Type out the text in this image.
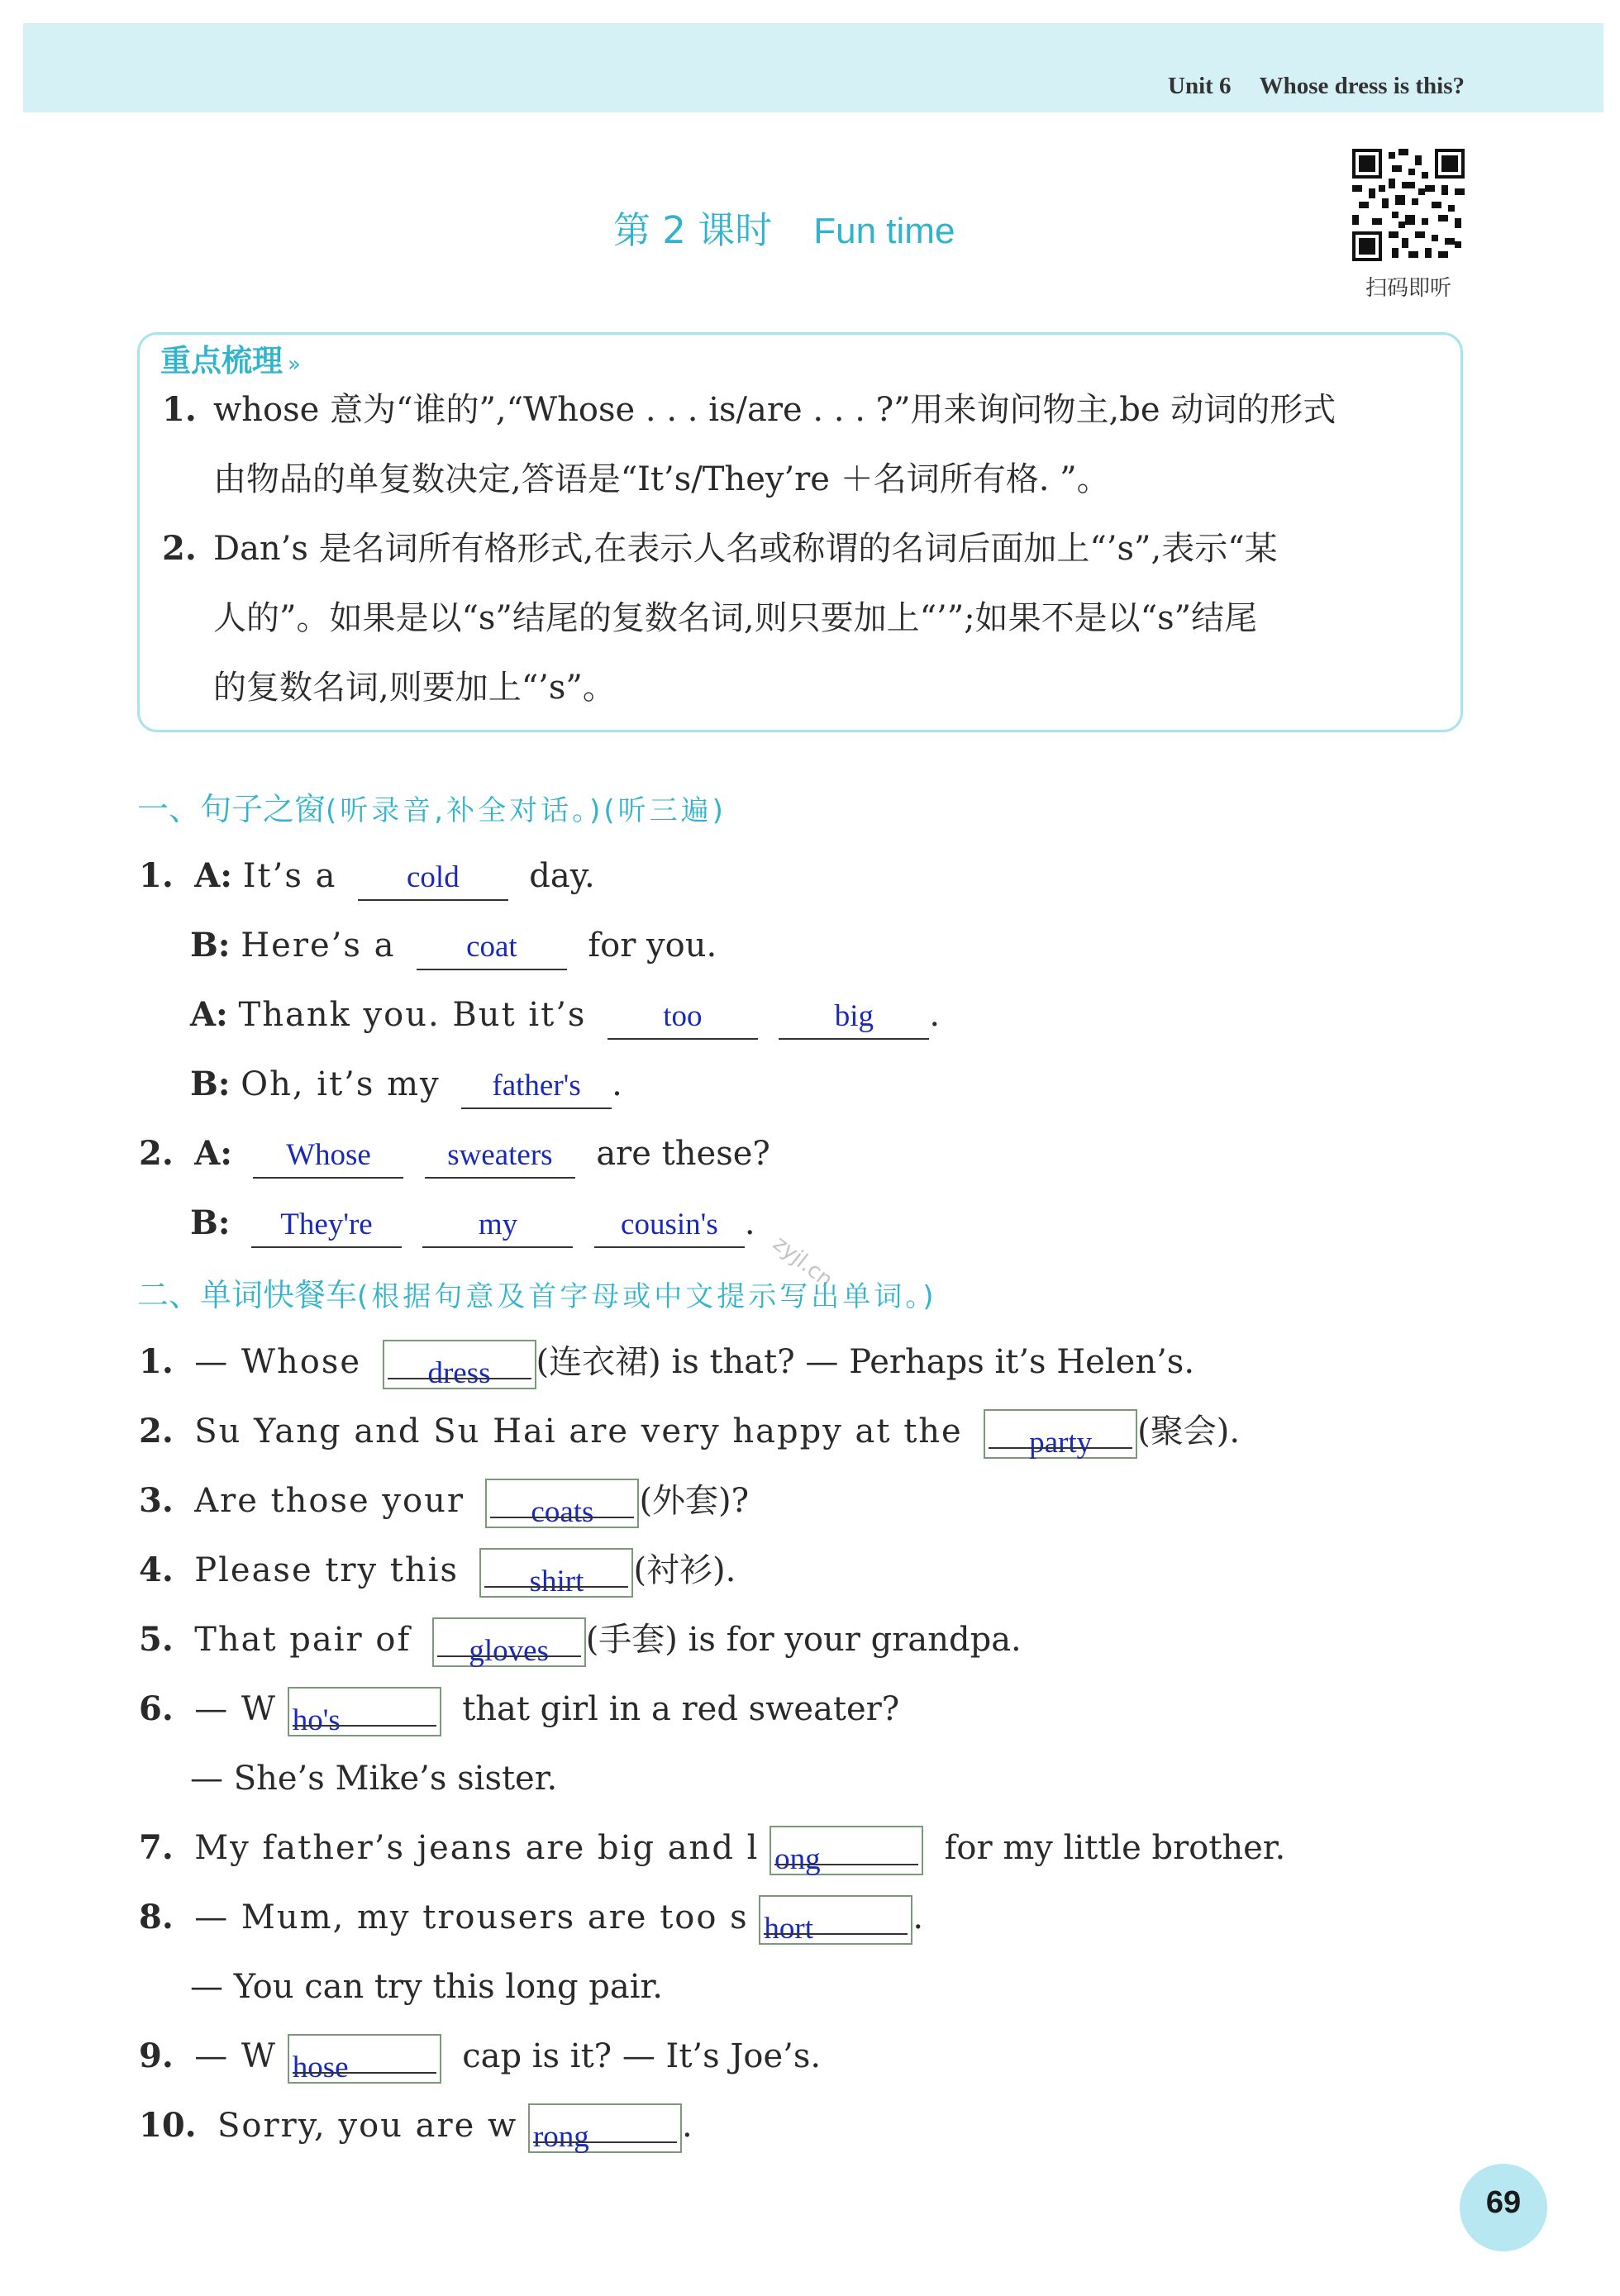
Unit 6 Whose dress is this?
第 2 课时 Fun time
扫码即听
重点梳理 »
1. whose 意为“谁的”,“Whose . . . is/are . . . ?”用来询问物主,be 动词的形式
由物品的单复数决定,答语是“It’s/They’re ＋名词所有格. ”。
2. Dan’s 是名词所有格形式,在表示人名或称谓的名词后面加上“’s”,表示“某
人的”。如果是以“s”结尾的复数名词,则只要加上“’”;如果不是以“s”结尾
的复数名词,则要加上“’s”。
一、句子之窗(听录音,补全对话。)(听三遍)
1. A: It’s a cold day.
B: Here’s a coat for you.
A: Thank you. But it’s	too	big .
B: Oh, it’s my father's .
2. A: Whose sweaters are these?
B: They're	my	cousin's .
zyjl.cn
二、单词快餐车(根据句意及首字母或中文提示写出单词。)
1. — Whose dress (连衣裙) is that? — Perhaps it’s Helen’s.
2. Su Yang and Su Hai are very happy at the party (聚会).
3. Are those your coats (外套)?
4. Please try this shirt (衬衫).
5. That pair of gloves (手套) is for your grandpa.
6. — W ho's	that girl in a red sweater?
— She’s Mike’s sister.
7. My father’s jeans are big and l ong	for my little brother.
8. — Mum, my trousers are too s hort	.
— You can try this long pair.
9. — W hose	cap is it? — It’s Joe’s.
10. Sorry, you are w rong	.
69
